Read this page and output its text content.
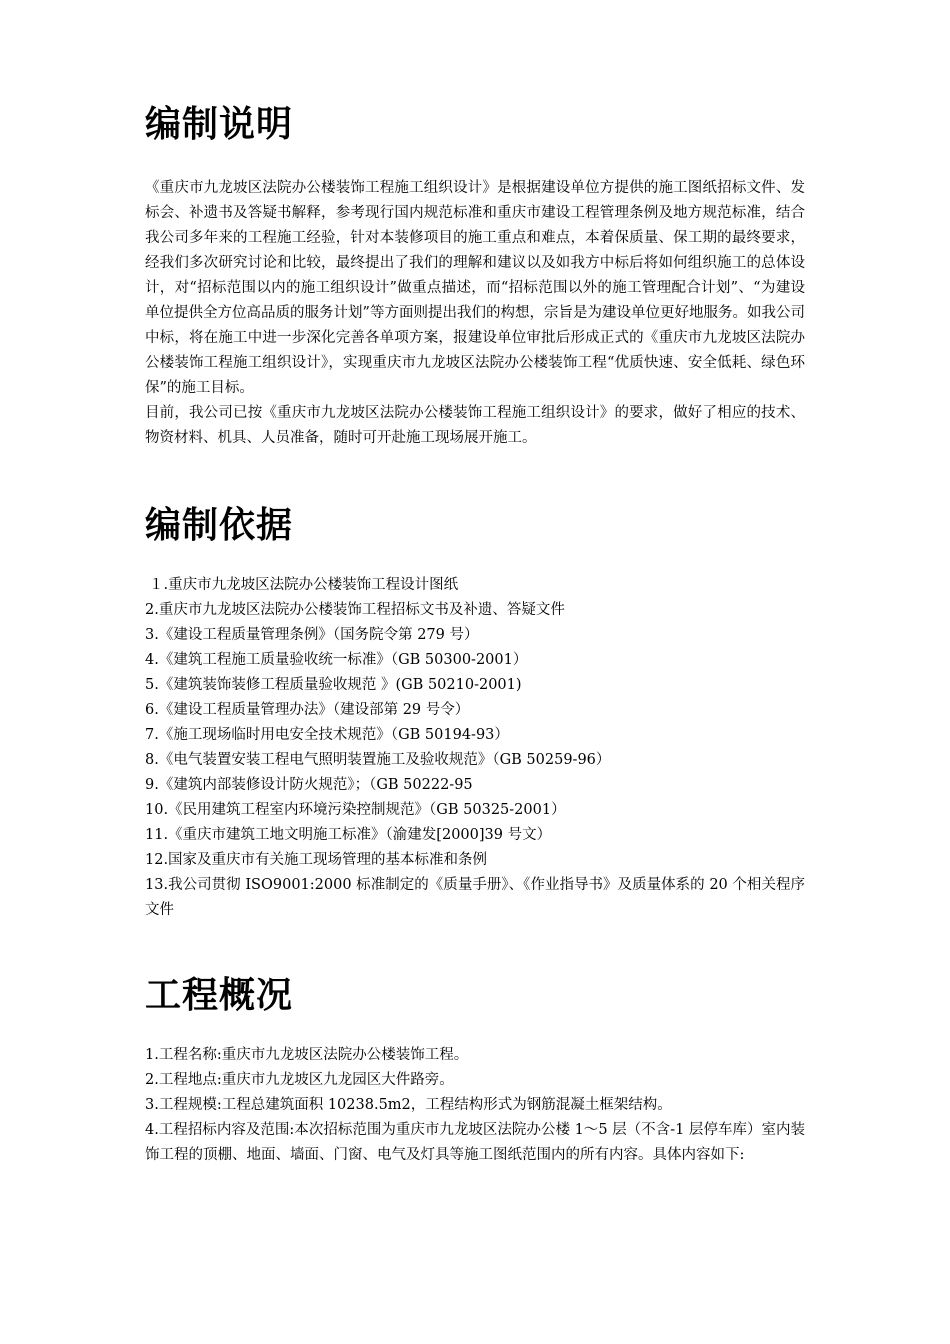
编制说明

《重庆市九龙坡区法院办公楼装饰工程施工组织设计》是根据建设单位方提供的施工图纸招标文件、发标会、补遗书及答疑书解释，参考现行国内规范标准和重庆市建设工程管理条例及地方规范标准，结合我公司多年来的工程施工经验，针对本装修项目的施工重点和难点，本着保质量、保工期的最终要求，经我们多次研究讨论和比较，最终提出了我们的理解和建议以及如我方中标后将如何组织施工的总体设计，对“招标范围以内的施工组织设计”做重点描述，而“招标范围以外的施工管理配合计划”、“为建设单位提供全方位高品质的服务计划”等方面则提出我们的构想，宗旨是为建设单位更好地服务。如我公司中标，将在施工中进一步深化完善各单项方案，报建设单位审批后形成正式的《重庆市九龙坡区法院办公楼装饰工程施工组织设计》，实现重庆市九龙坡区法院办公楼装饰工程“优质快速、安全低耗、绿色环保”的施工目标。

目前，我公司已按《重庆市九龙坡区法院办公楼装饰工程施工组织设计》的要求，做好了相应的技术、物资材料、机具、人员准备，随时可开赴施工现场展开施工。

编制依据
１.重庆市九龙坡区法院办公楼装饰工程设计图纸
2.重庆市九龙坡区法院办公楼装饰工程招标文书及补遗、答疑文件
3.《建设工程质量管理条例》（国务院令第 279 号）
4.《建筑工程施工质量验收统一标准》（GB 50300-2001）
5.《建筑装饰装修工程质量验收规范 》(GB 50210-2001)
6.《建设工程质量管理办法》（建设部第 29 号令）
7.《施工现场临时用电安全技术规范》（GB 50194-93）
8.《电气装置安装工程电气照明装置施工及验收规范》（GB 50259-96）
9.《建筑内部装修设计防火规范》；（GB 50222-95
10.《民用建筑工程室内环境污染控制规范》（GB 50325-2001）
11.《重庆市建筑工地文明施工标准》（渝建发[2000]39 号文）
12.国家及重庆市有关施工现场管理的基本标准和条例
13.我公司贯彻 ISO9001:2000 标准制定的《质量手册》、《作业指导书》及质量体系的 20 个相关程序文件
工程概况
1.工程名称:重庆市九龙坡区法院办公楼装饰工程。
2.工程地点:重庆市九龙坡区九龙园区大件路旁。
3.工程规模:工程总建筑面积 10238.5m2，工程结构形式为钢筋混凝土框架结构。
4.工程招标内容及范围:本次招标范围为重庆市九龙坡区法院办公楼 1～5 层（不含-1 层停车库）室内装饰工程的顶棚、地面、墙面、门窗、电气及灯具等施工图纸范围内的所有内容。具体内容如下:
